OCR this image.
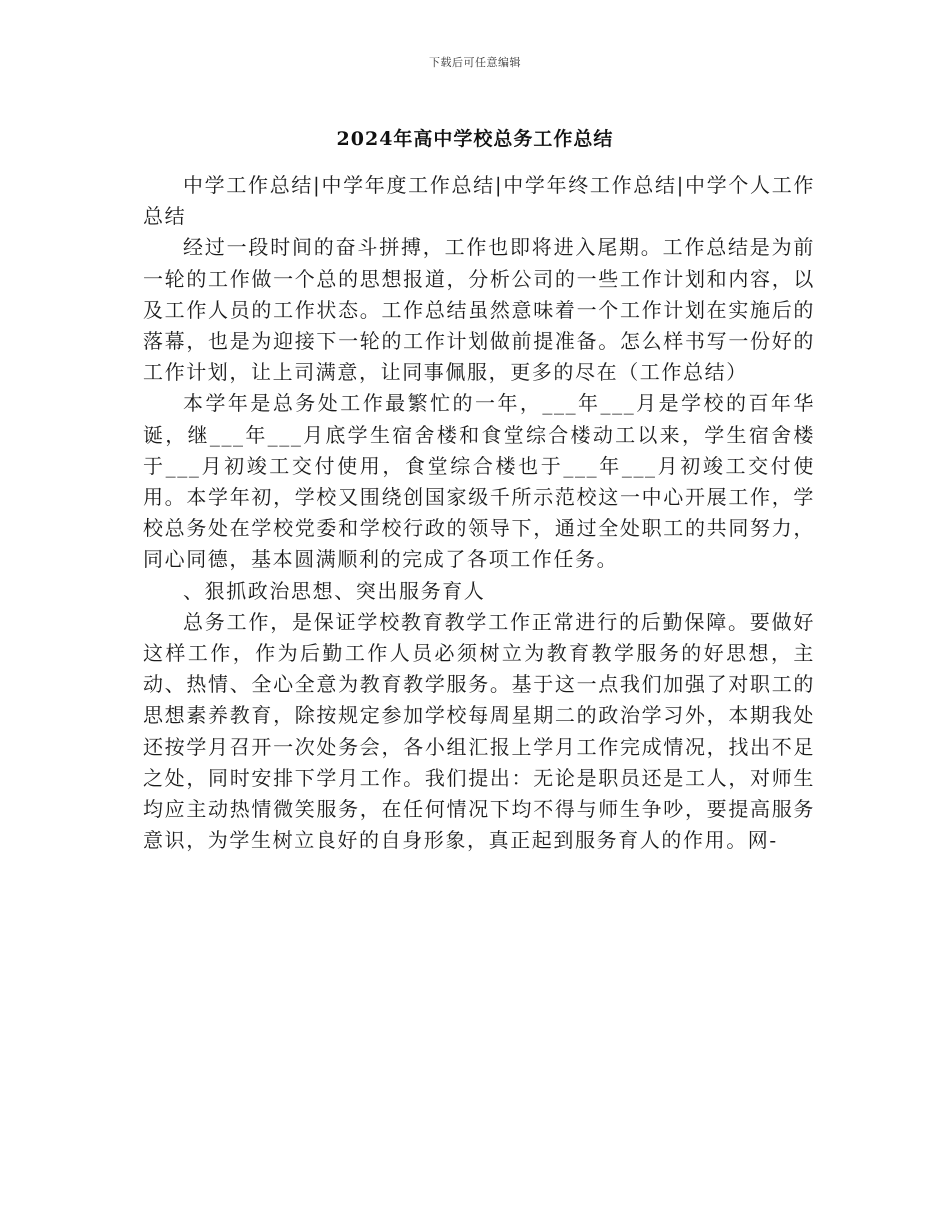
下载后可任意编辑
2024年高中学校总务工作总结

中学工作总结|中学年度工作总结|中学年终工作总结|中学个人工作总结

经过一段时间的奋斗拼搏，工作也即将进入尾期。工作总结是为前一轮的工作做一个总的思想报道，分析公司的一些工作计划和内容，以及工作人员的工作状态。工作总结虽然意味着一个工作计划在实施后的落幕，也是为迎接下一轮的工作计划做前提准备。怎么样书写一份好的工作计划，让上司满意，让同事佩服，更多的尽在（工作总结）

本学年是总务处工作最繁忙的一年，___年___月是学校的百年华诞，继___年___月底学生宿舍楼和食堂综合楼动工以来，学生宿舍楼于___月初竣工交付使用，食堂综合楼也于___年___月初竣工交付使用。本学年初，学校又围绕创国家级千所示范校这一中心开展工作，学校总务处在学校党委和学校行政的领导下，通过全处职工的共同努力，同心同德，基本圆满顺利的完成了各项工作任务。

、狠抓政治思想、突出服务育人

总务工作，是保证学校教育教学工作正常进行的后勤保障。要做好这样工作，作为后勤工作人员必须树立为教育教学服务的好思想，主动、热情、全心全意为教育教学服务。基于这一点我们加强了对职工的思想素养教育，除按规定参加学校每周星期二的政治学习外，本期我处还按学月召开一次处务会，各小组汇报上学月工作完成情况，找出不足之处，同时安排下学月工作。我们提出：无论是职员还是工人，对师生均应主动热情微笑服务，在任何情况下均不得与师生争吵，要提高服务意识，为学生树立良好的自身形象，真正起到服务育人的作用。网-
